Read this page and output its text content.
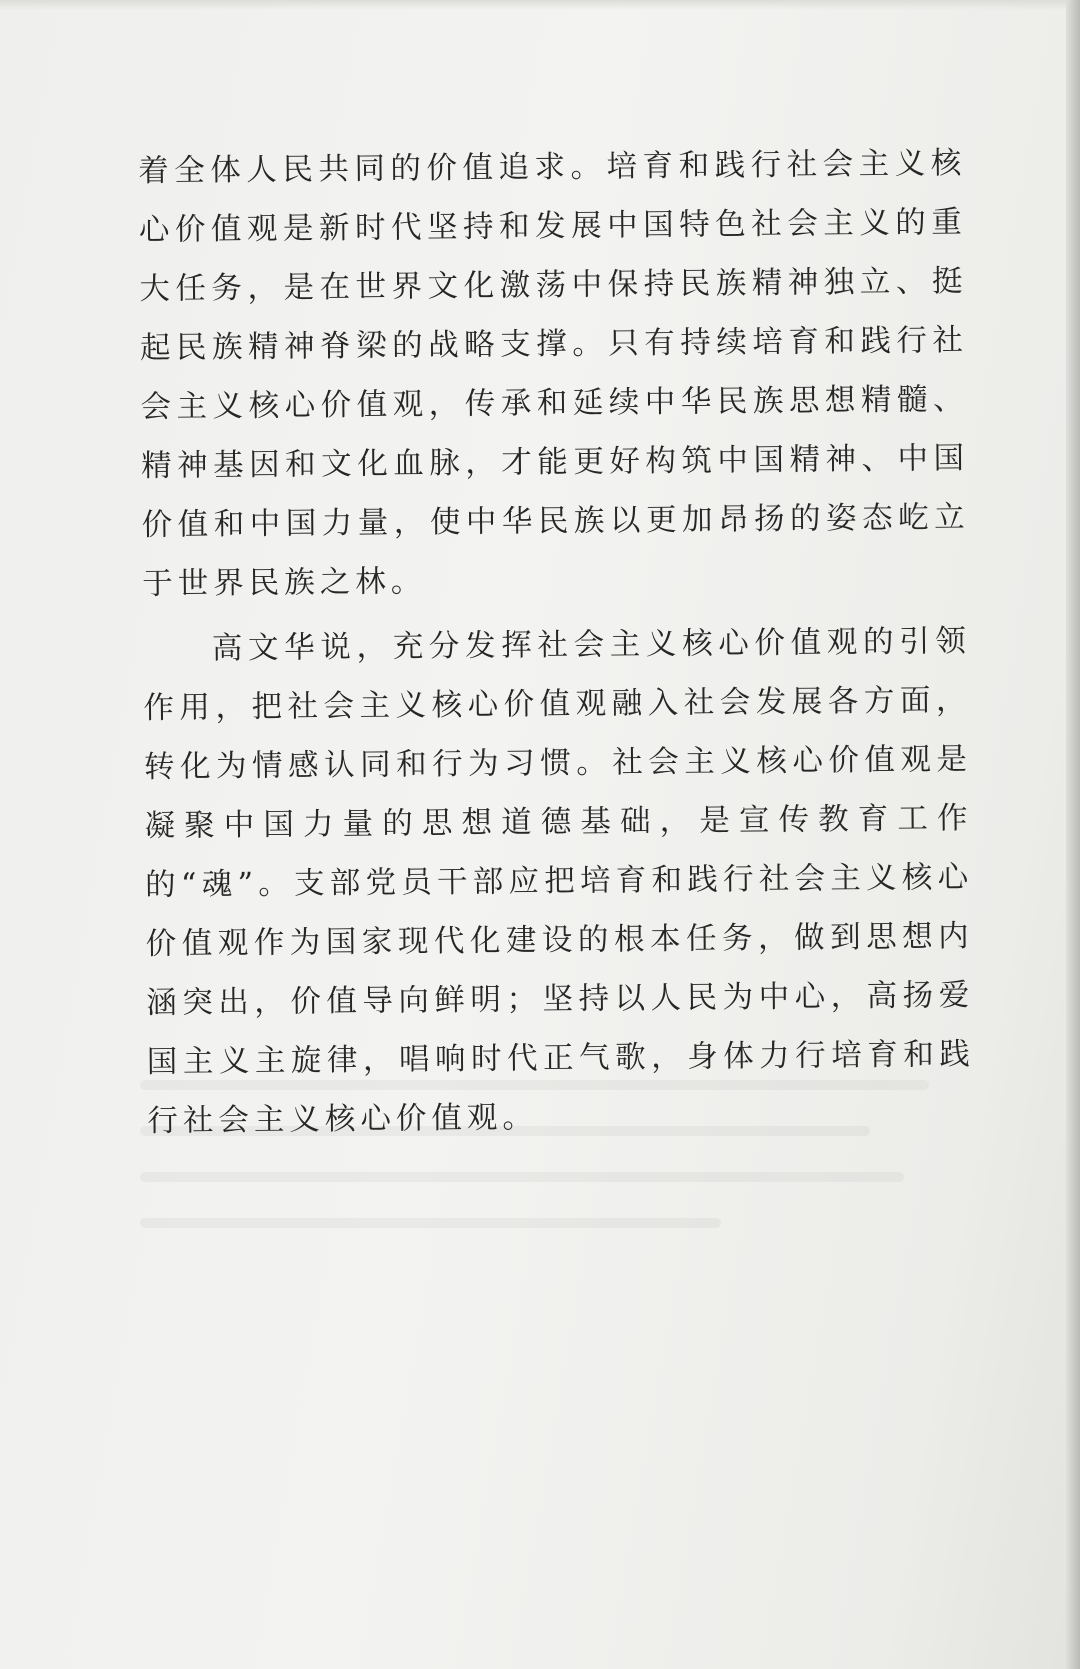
着全体人民共同的价值追求。培育和践行社会主义核心价值观是新时代坚持和发展中国特色社会主义的重大任务，是在世界文化激荡中保持民族精神独立、挺起民族精神脊梁的战略支撑。只有持续培育和践行社会主义核心价值观，传承和延续中华民族思想精髓、精神基因和文化血脉，才能更好构筑中国精神、中国价值和中国力量，使中华民族以更加昂扬的姿态屹立于世界民族之林。

高文华说，充分发挥社会主义核心价值观的引领作用，把社会主义核心价值观融入社会发展各方面，转化为情感认同和行为习惯。社会主义核心价值观是凝聚中国力量的思想道德基础，是宣传教育工作的“魂”。支部党员干部应把培育和践行社会主义核心价值观作为国家现代化建设的根本任务，做到思想内涵突出，价值导向鲜明；坚持以人民为中心，高扬爱国主义主旋律，唱响时代正气歌，身体力行培育和践行社会主义核心价值观。
